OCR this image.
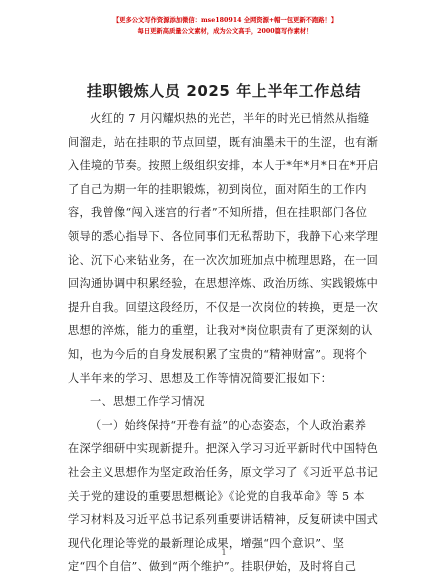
【更多公文写作资源添加微信：mse180914 全网资源+帽一包更新不跑路！】
每日更新高质量公文素材，成为公文高手，2000篇写作素材！
挂职锻炼人员 2025 年上半年工作总结
火红的 7 月闪耀炽热的光芒，半年的时光已悄然从指缝
间溜走，站在挂职的节点回望，既有油墨未干的生涩，也有渐
入佳境的节奏。按照上级组织安排，本人于*年*月*日在*开启
了自己为期一年的挂职锻炼，初到岗位，面对陌生的工作内
容，我曾像“闯入迷宫的行者”不知所措，但在挂职部门各位
领导的悉心指导下、各位同事们无私帮助下，我静下心来学理
论、沉下心来钻业务，在一次次加班加点中梳理思路，在一回
回沟通协调中积累经验，在思想淬炼、政治历练、实践锻炼中
提升自我。回望这段经历，不仅是一次岗位的转换，更是一次
思想的淬炼，能力的重塑，让我对*岗位职责有了更深刻的认
知，也为今后的自身发展积累了宝贵的“精神财富”。现将个
人半年来的学习、思想及工作等情况简要汇报如下：
一、思想工作学习情况
（一）始终保持“开卷有益”的心态姿态，个人政治素养
在深学细研中实现新提升。把深入学习习近平新时代中国特色
社会主义思想作为坚定政治任务，原文学习了《习近平总书记
关于党的建设的重要思想概论》《论党的自我革命》等 5 本
学习材料及习近平总书记系列重要讲话精神，反复研读中国式
现代化理论等党的最新理论成果，增强“四个意识”、坚
定“四个自信”、做到“两个维护”。挂职伊始，及时将自己
1
